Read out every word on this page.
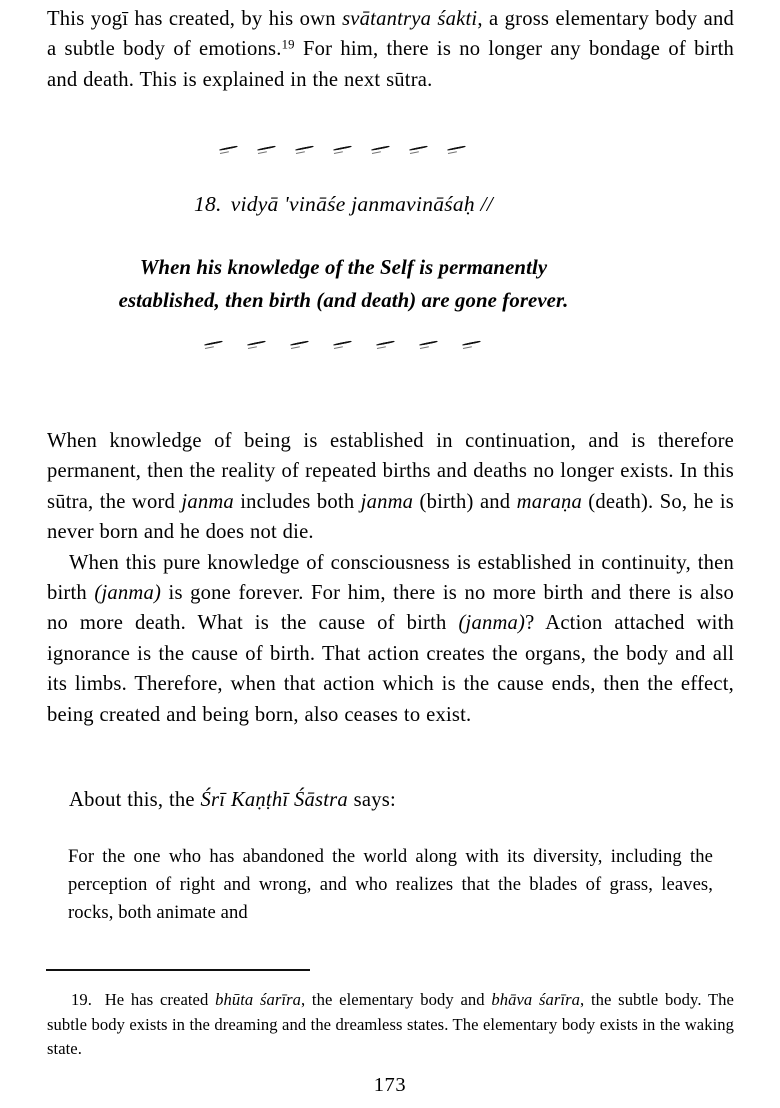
This yogī has created, by his own svātantrya śakti, a gross elementary body and a subtle body of emotions.$^{19}$ For him, there is no longer any bondage of birth and death. This is explained in the next sūtra.

18. vidyā 'vināśe janmavināśaḥ //
When his knowledge of the Self is permanently
established, then birth (and death) are gone forever.

When knowledge of being is established in continuation, and is therefore permanent, then the reality of repeated births and deaths no longer exists. In this sūtra, the word janma includes both janma (birth) and maraṇa (death). So, he is never born and he does not die.

When this pure knowledge of consciousness is established in continuity, then birth (janma) is gone forever. For him, there is no more birth and there is also no more death. What is the cause of birth (janma)? Action attached with ignorance is the cause of birth. That action creates the organs, the body and all its limbs. Therefore, when that action which is the cause ends, then the effect, being created and being born, also ceases to exist.

About this, the Śrī Kaṇṭhī Śāstra says:

For the one who has abandoned the world along with its diversity, including the perception of right and wrong, and who realizes that the blades of grass, leaves, rocks, both animate and

19. He has created bhūta śarīra, the elementary body and bhāva śarīra, the subtle body. The subtle body exists in the dreaming and the dreamless states. The elementary body exists in the waking state.

173
